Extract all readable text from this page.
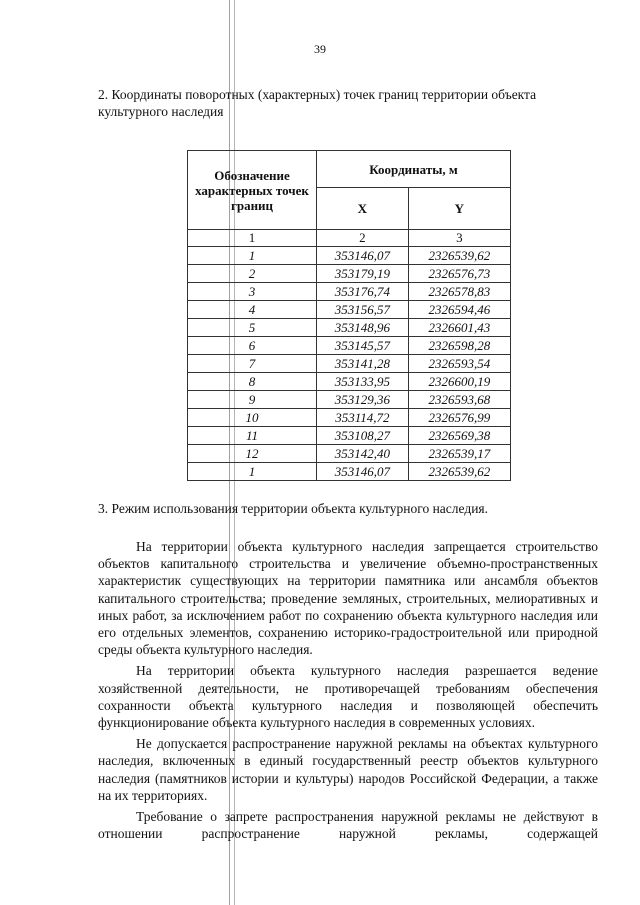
39
2. Координаты поворотных (характерных) точек границ территории объекта культурного наследия
Обозначение характерных точек границ	Координаты, м	
	X	Y
1	2	3
1	353146,07	2326539,62
2	353179,19	2326576,73
3	353176,74	2326578,83
4	353156,57	2326594,46
5	353148,96	2326601,43
6	353145,57	2326598,28
7	353141,28	2326593,54
8	353133,95	2326600,19
9	353129,36	2326593,68
10	353114,72	2326576,99
11	353108,27	2326569,38
12	353142,40	2326539,17
1	353146,07	2326539,62
3. Режим использования территории объекта культурного наследия.

На территории объекта культурного наследия запрещается строительство объектов капитального строительства и увеличение объемно-пространственных характеристик существующих на территории памятника или ансамбля объектов капитального строительства; проведение земляных, строительных, мелиоративных и иных работ, за исключением работ по сохранению объекта культурного наследия или его отдельных элементов, сохранению историко-градостроительной или природной среды объекта культурного наследия.

На территории объекта культурного наследия разрешается ведение хозяйственной деятельности, не противоречащей требованиям обеспечения сохранности объекта культурного наследия и позволяющей обеспечить функционирование объекта культурного наследия в современных условиях.

Не допускается распространение наружной рекламы на объектах культурного наследия, включенных в единый государственный реестр объектов культурного наследия (памятников истории и культуры) народов Российской Федерации, а также на их территориях.

Требование о запрете распространения наружной рекламы не действуют в отношении распространение наружной рекламы, содержащей
